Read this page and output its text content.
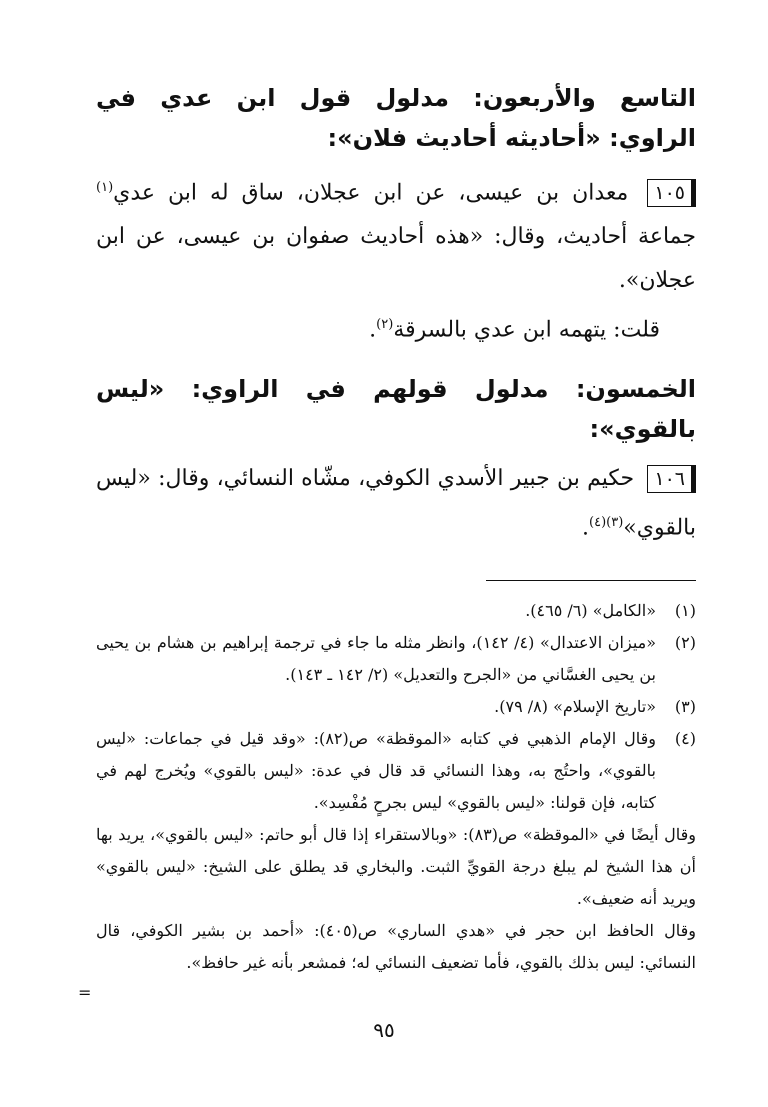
التاسع والأربعون: مدلول قول ابن عدي في الراوي: «أحاديثه أحاديث فلان»:

١٠٥ معدان بن عيسى، عن ابن عجلان، ساق له ابن عدي$^{(١)}$ جماعة أحاديث، وقال: «هذه أحاديث صفوان بن عيسى، عن ابن عجلان».

قلت: يتهمه ابن عدي بالسرقة$^{(٢)}$.

الخمسون: مدلول قولهم في الراوي: «ليس بالقوي»:

١٠٦ حكيم بن جبير الأسدي الكوفي، مشّاه النسائي، وقال: «ليس بالقوي»$^{(٣)(٤)}$.

(١)
«الكامل» (٦/ ٤٦٥).
(٢)
«ميزان الاعتدال» (٤/ ١٤٢)، وانظر مثله ما جاء في ترجمة إبراهيم بن هشام بن يحيى بن يحيى الغسَّاني من «الجرح والتعديل» (٢/ ١٤٢ ـ ١٤٣).
(٣)
«تاريخ الإسلام» (٨/ ٧٩).
(٤)
وقال الإمام الذهبي في كتابه «الموقظة» ص(٨٢): «وقد قيل في جماعات: «ليس بالقوي»، واحتُج به، وهذا النسائي قد قال في عدة: «ليس بالقوي» ويُخرج لهم في كتابه، فإن قولنا: «ليس بالقوي» ليس بجرحٍ مُفْسِد».
وقال أيضًا في «الموقظة» ص(٨٣): «وبالاستقراء إذا قال أبو حاتم: «ليس بالقوي»، يريد بها أن هذا الشيخ لم يبلغ درجة القويِّ الثبت. والبخاري قد يطلق على الشيخ: «ليس بالقوي» ويريد أنه ضعيف».
وقال الحافظ ابن حجر في «هدي الساري» ص(٤٠٥): «أحمد بن بشير الكوفي، قال النسائي: ليس بذلك بالقوي، فأما تضعيف النسائي له؛ فمشعر بأنه غير حافظ».
=
٩٥
